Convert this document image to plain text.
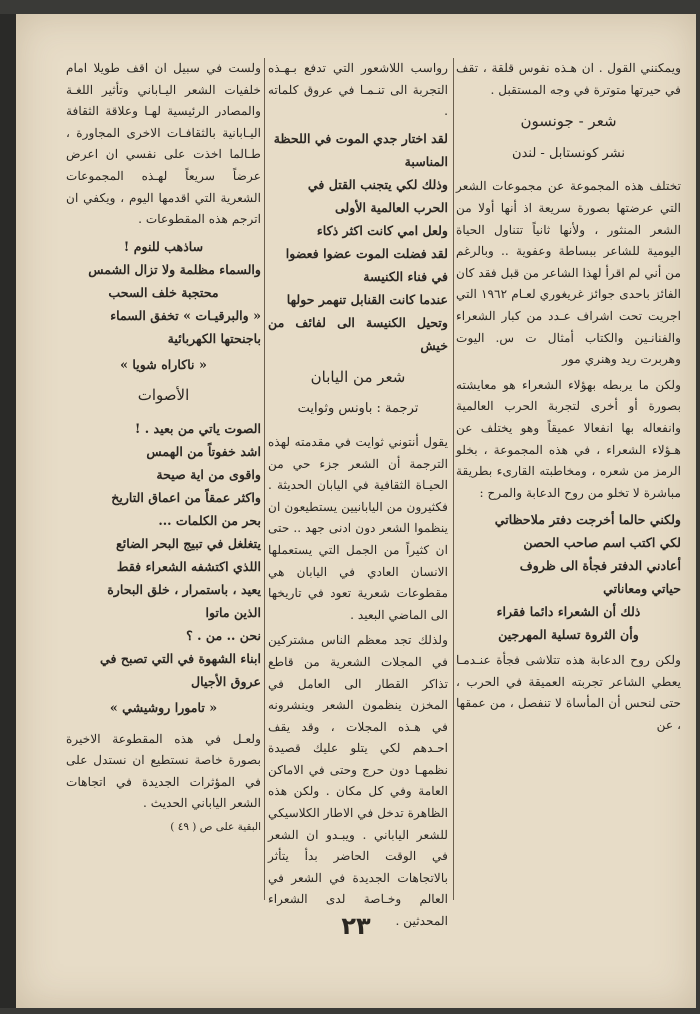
ويمكنني القول . ان هـذه نفوس قلقة ، تقف في حيرتها متوترة في وجه المستقبل .

شعر - جونسون
نشر كونستابل - لندن

تختلف هذه المجموعة عن مجموعات الشعر التي عرضتها بصورة سريعة اذ أنها أولا من الشعر المنثور ، ولأنها ثانياً تتناول الحياة اليومية للشاعر ببساطة وعفوية .. وبالرغم من أني لم اقرأ لهذا الشاعر من قبل فقد كان الفائز باحدى جوائز غريغوري لعـام ١٩٦٢ التي اجريت تحت اشراف عـدد من كبار الشعراء والفنانـين والكتاب أمثال ت س. اليوت وهربرت ريد وهنري مور

ولكن ما يربطه بهؤلاء الشعراء هو معايشته بصورة أو أخرى لتجربة الحرب العالمية وانفعاله بها انفعالا عميقاً وهو يختلف عن هـؤلاء الشعراء ، في هذه المجموعة ، بخلو الرمز من شعره ، ومخاطبته القارىء بطريقة مباشرة لا تخلو من روح الدعابة والمرح :

ولكني حالما أخرجت دفتر ملاحظاتي
لكي اكتب اسم صاحب الحصن
أعادني الدفتر فجأة الى ظروف
حياتي ومعاناتي
ذلك أن الشعراء دائما فقراء
وأن الثروة تسلية المهرجين

ولكن روح الدعابة هذه تتلاشى فجأة عنـدمـا يعطي الشاعر تجربته العميقة في الحرب ، حتى لنحس أن المأساة لا تنفصل ، من عمقها ، عن

رواسب اللاشعور التي تدفع بـهـذه التجربة الى تنـمـا في عروق كلماته .

لقد اختار جدي الموت في اللحظة
المناسبة
وذلك لكي يتجنب القتل في
الحرب العالمية الأولى
ولعل امي كانت اكثر ذكاء
لقد فضلت الموت عضوا فعضوا
في فناء الكنيسة
عندما كانت القنابل تنهمر حولها
وتحيل الكنيسة الى لفائف من خيش
شعر من اليابان
ترجمة : باونس وثوايت

يقول أنتوني ثوايت في مقدمته لهذه الترجمة أن الشعر جزء حي من الحيـاة الثقافية في اليابان الحديثة . فكثيرون من اليابانيين يستطيعون ان ينظموا الشعر دون ادنى جهد .. حتى ان كثيراً من الجمل التي يستعملها الانسان العادي في اليابان هي مقطوعات شعرية تعود في تاريخها الى الماضي البعيد .

ولذلك تجد معظم الناس مشتركين في المجلات الشعرية من قاطع تذاكر القطار الى العامل في المخزن ينظمون الشعر وينشرونه في هـذه المجلات ، وقد يقف احـدهم لكي يتلو عليك قصيدة نظمهـا دون حرج وحتى في الاماكن العامة وفي كل مكان . ولكن هذه الظاهرة تدخل في الاطار الكلاسيكي للشعر الياباني . ويبـدو ان الشعر في الوقت الحاضر بدأ يتأثر بالاتجاهات الجديدة في الشعر في العالم وخـاصة لدى الشعراء المحدثين .

ولست في سبيل ان اقف طويلا امام خلفيات الشعر اليـاباني وتأثير اللغـة والمصادر الرئيسية لهـا وعلاقة الثقافة اليـابانية بالثقافـات الاخرى المجاورة ، طـالما اخذت على نفسي ان اعرض عرضاً سريعاً لهـذه المجموعات الشعرية التي اقدمها اليوم ، ويكفي ان اترجم هذه المقطوعات .

ساذهب للنوم !
والسماء مظلمة ولا تزال الشمس
محتجبة خلف السحب
« والبرقيـات » تخفق السماء
باجنحتها الكهربائية
« ناكاراه شويا »
الأصوات
الصوت ياتي من بعيد . !
اشد خفوتاً من الهمس
واقوى من اية صيحة
واكثر عمقاً من اعماق التاريخ
بحر من الكلمات ...
يتغلغل في تبيج البحر الضائع
اللذي اكتشفه الشعراء فقط
يعيد ، باستمرار ، خلق البحارة
الذين ماتوا
نحن .. من . ؟
ابناء الشهوة في التي تصبح في
عروق الأجيال
« تامورا روشيشي »

ولعـل في هذه المقطوعة الاخيرة بصورة خاصة نستطيع ان نستدل على في المؤثرات الجديدة في اتجاهات الشعر الياباني الحديث .

البقية على ص ( ٤٩ )

٢٣
